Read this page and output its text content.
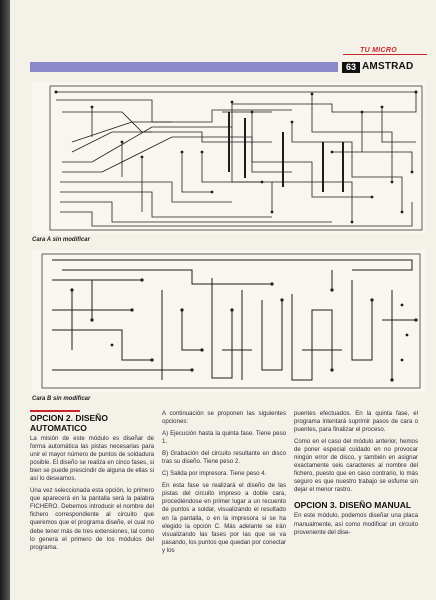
TU MICRO
63 AMSTRAD
Cara A sin modificar
Cara B sin modificar
OPCION 2. DISEÑO
AUTOMATICO

La misión de este módulo es diseñar de forma automática las pistas necesarias para unir el mayor número de puntos de soldadura posible. El diseño se realiza en cinco fases, si bien se puede prescindir de alguna de ellas si así lo deseamos.

Una vez seleccionada esta opción, lo primero que aparecerá en la pantalla será la palabra FICHERO. Debemos introducir el nombre del fichero correspondiente al circuito que queremos que el programa diseñe, el cual no debe tener más de tres extensiones, tal como lo genera el primero de los módulos del programa.

A continuación se proponen las siguientes opciones:

A) Ejecución hasta la quinta fase. Tiene peso 1.

B) Grabación del circuito resultante en disco tras su diseño. Tiene peso 2.

C) Salida por impresora. Tiene peso 4.

En esta fase se realizará el diseño de las pistas del circuito impreso a doble cara, procediéndose en primer lugar a un recuento de puntos a soldar, visualizando el resultado en la pantalla, o en la impresora si se ha elegido la opción C. Más adelante se irán visualizando las fases por las que se va pasando, los puntos que quedan por conectar y los

puentes efectuados. En la quinta fase, el programa intentará suprimir pasos de cara o puentes, para finalizar el proceso.

Como en el caso del módulo anterior, hemos de poner especial cuidado en no provocar ningún error de disco, y también en asignar exactamente seis caracteres al nombre del fichero, puesto que en caso contrario, lo más seguro es que nuestro trabajo se esfume sin dejar el menor rastro.

OPCION 3. DISEÑO MANUAL

En este módulo, podemos diseñar una placa manualmente, así como modificar un circuito proveniente del dise-
